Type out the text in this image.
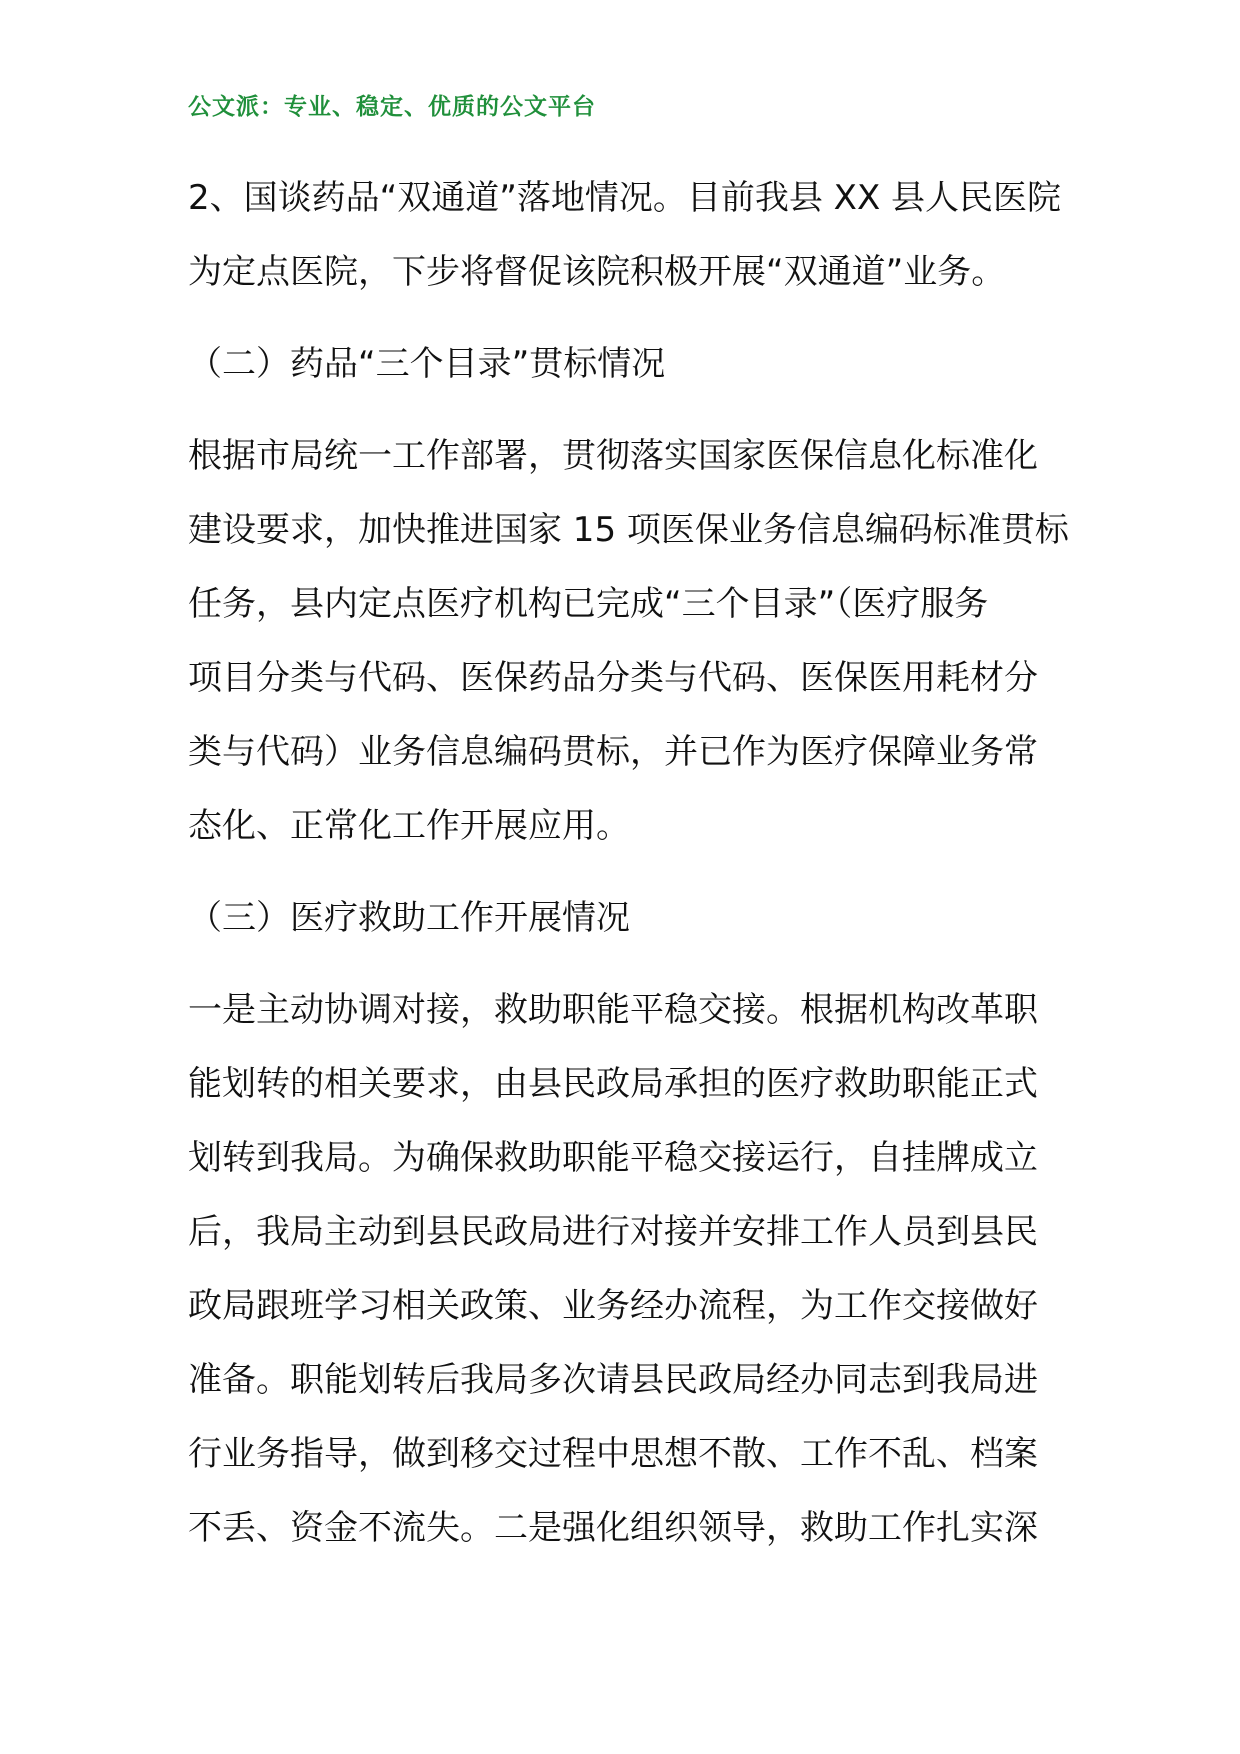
公文派：专业、稳定、优质的公文平台
2、国谈药品“双通道”落地情况。目前我县 XX 县人民医院
为定点医院，下步将督促该院积极开展“双通道”业务。
（二）药品“三个目录”贯标情况
根据市局统一工作部署，贯彻落实国家医保信息化标准化
建设要求，加快推进国家 15 项医保业务信息编码标准贯标
任务，县内定点医疗机构已完成“三个目录”（医疗服务
项目分类与代码、医保药品分类与代码、医保医用耗材分
类与代码）业务信息编码贯标，并已作为医疗保障业务常
态化、正常化工作开展应用。
（三）医疗救助工作开展情况
一是主动协调对接，救助职能平稳交接。根据机构改革职
能划转的相关要求，由县民政局承担的医疗救助职能正式
划转到我局。为确保救助职能平稳交接运行，自挂牌成立
后，我局主动到县民政局进行对接并安排工作人员到县民
政局跟班学习相关政策、业务经办流程，为工作交接做好
准备。职能划转后我局多次请县民政局经办同志到我局进
行业务指导，做到移交过程中思想不散、工作不乱、档案
不丢、资金不流失。二是强化组织领导，救助工作扎实深
